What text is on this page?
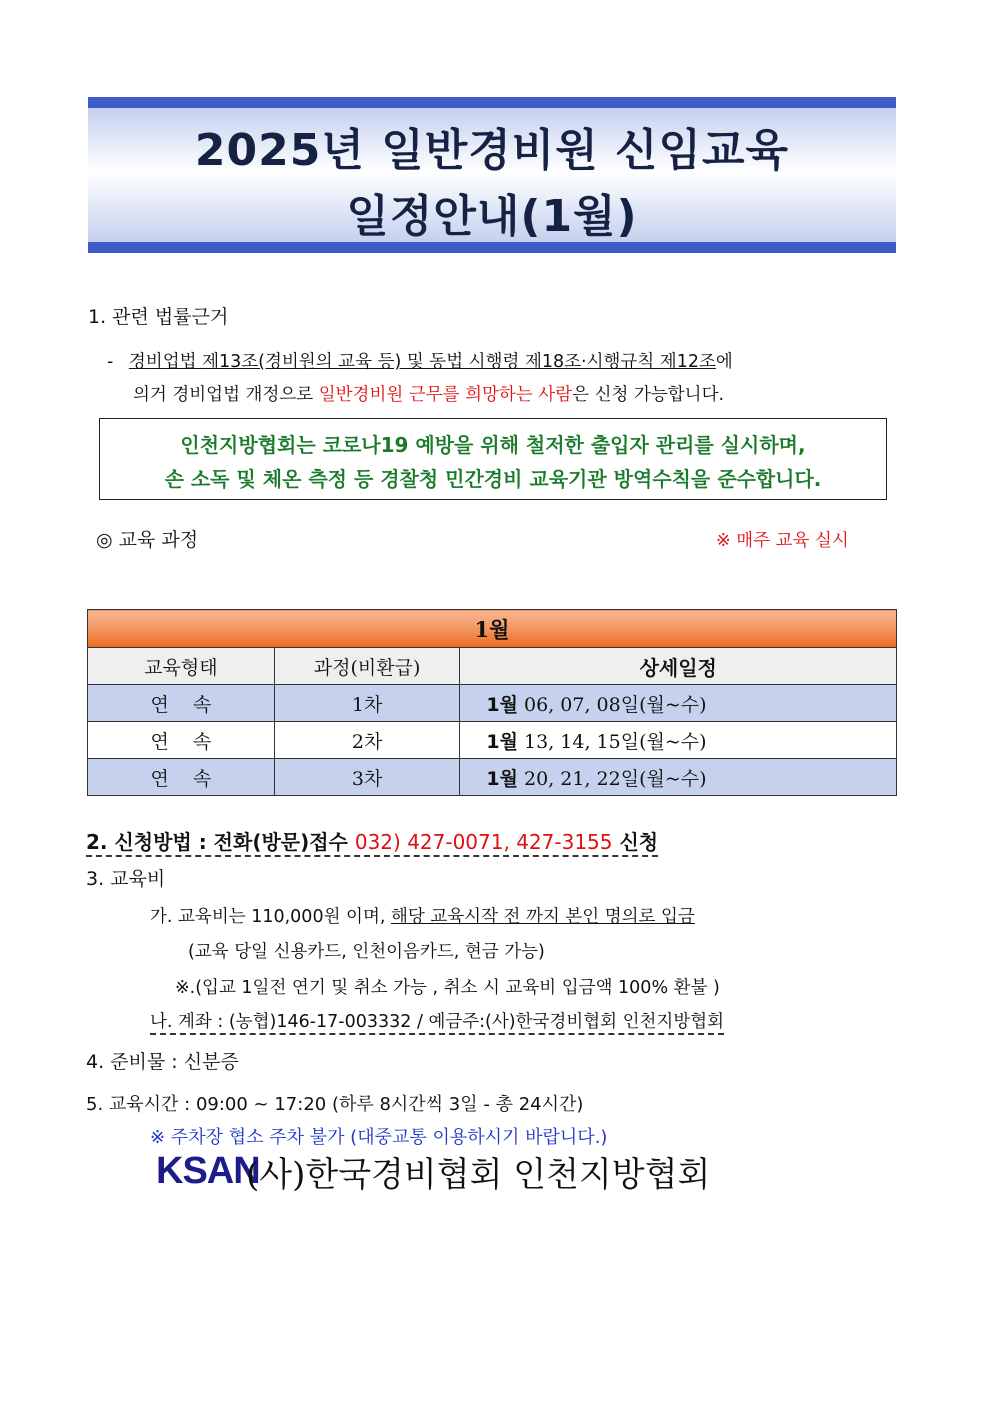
2025년 일반경비원 신임교육
일정안내(1월)
1. 관련 법률근거
- 경비업법 제13조(경비원의 교육 등) 및 동법 시행령 제18조·시행규칙 제12조에
의거 경비업법 개정으로 일반경비원 근무를 희망하는 사람은 신청 가능합니다.
인천지방협회는 코로나19 예방을 위해 철저한 출입자 관리를 실시하며,
손 소독 및 체온 측정 등 경찰청 민간경비 교육기관 방역수칙을 준수합니다.
◎ 교육 과정	※ 매주 교육 실시
1월		
교육형태	과정(비환급)	상세일정
연    속	1차	1월 06, 07, 08일(월~수)
연    속	2차	1월 13, 14, 15일(월~수)
연    속	3차	1월 20, 21, 22일(월~수)
2. 신청방법 : 전화(방문)접수 032) 427-0071, 427-3155 신청
3. 교육비
가. 교육비는 110,000원 이며, 해당 교육시작 전 까지 본인 명의로 입금
(교육 당일 신용카드, 인천이음카드, 현금 가능)
※.(입교 1일전 연기 및 취소 가능 , 취소 시 교육비 입금액 100% 환불 )
나. 계좌 : (농협)146-17-003332 / 예금주:(사)한국경비협회 인천지방협회
4. 준비물 : 신분증
5. 교육시간 : 09:00 ~ 17:20 (하루 8시간씩 3일 - 총 24시간)
※ 주차장 협소 주차 불가 (대중교통 이용하시기 바랍니다.)
KSAN
(사)한국경비협회 인천지방협회
